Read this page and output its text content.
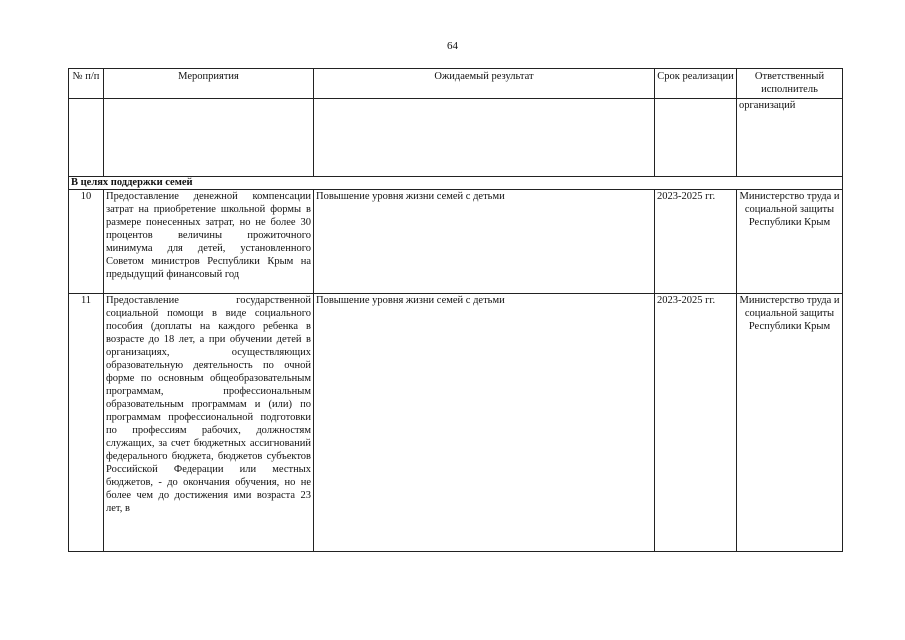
64
№ п/п	Мероприятия	Ожидаемый результат	Срок реализации	Ответственный исполнитель
				организаций
В целях поддержки семей				
10	Предоставление денежной компенсации затрат на приобретение школьной формы в размере понесенных затрат, но не более 30 процентов величины прожиточного минимума для детей, установленного Советом министров Республики Крым на предыдущий финансовый год	Повышение уровня жизни семей с детьми	2023-2025 гг.	Министерство труда и социальной защиты Республики Крым
11	Предоставление государственной социальной помощи в виде социального пособия (доплаты на каждого ребенка в возрасте до 18 лет, а при обучении детей в организациях, осуществляющих образовательную деятельность по очной форме по основным общеобразовательным программам, профессиональным образовательным программам и (или) по программам профессиональной подготовки по профессиям рабочих, должностям служащих, за счет бюджетных ассигнований федерального бюджета, бюджетов субъектов Российской Федерации или местных бюджетов, - до окончания обучения, но не более чем до достижения ими возраста 23 лет, в	Повышение уровня жизни семей с детьми	2023-2025 гг.	Министерство труда и социальной защиты Республики Крым
